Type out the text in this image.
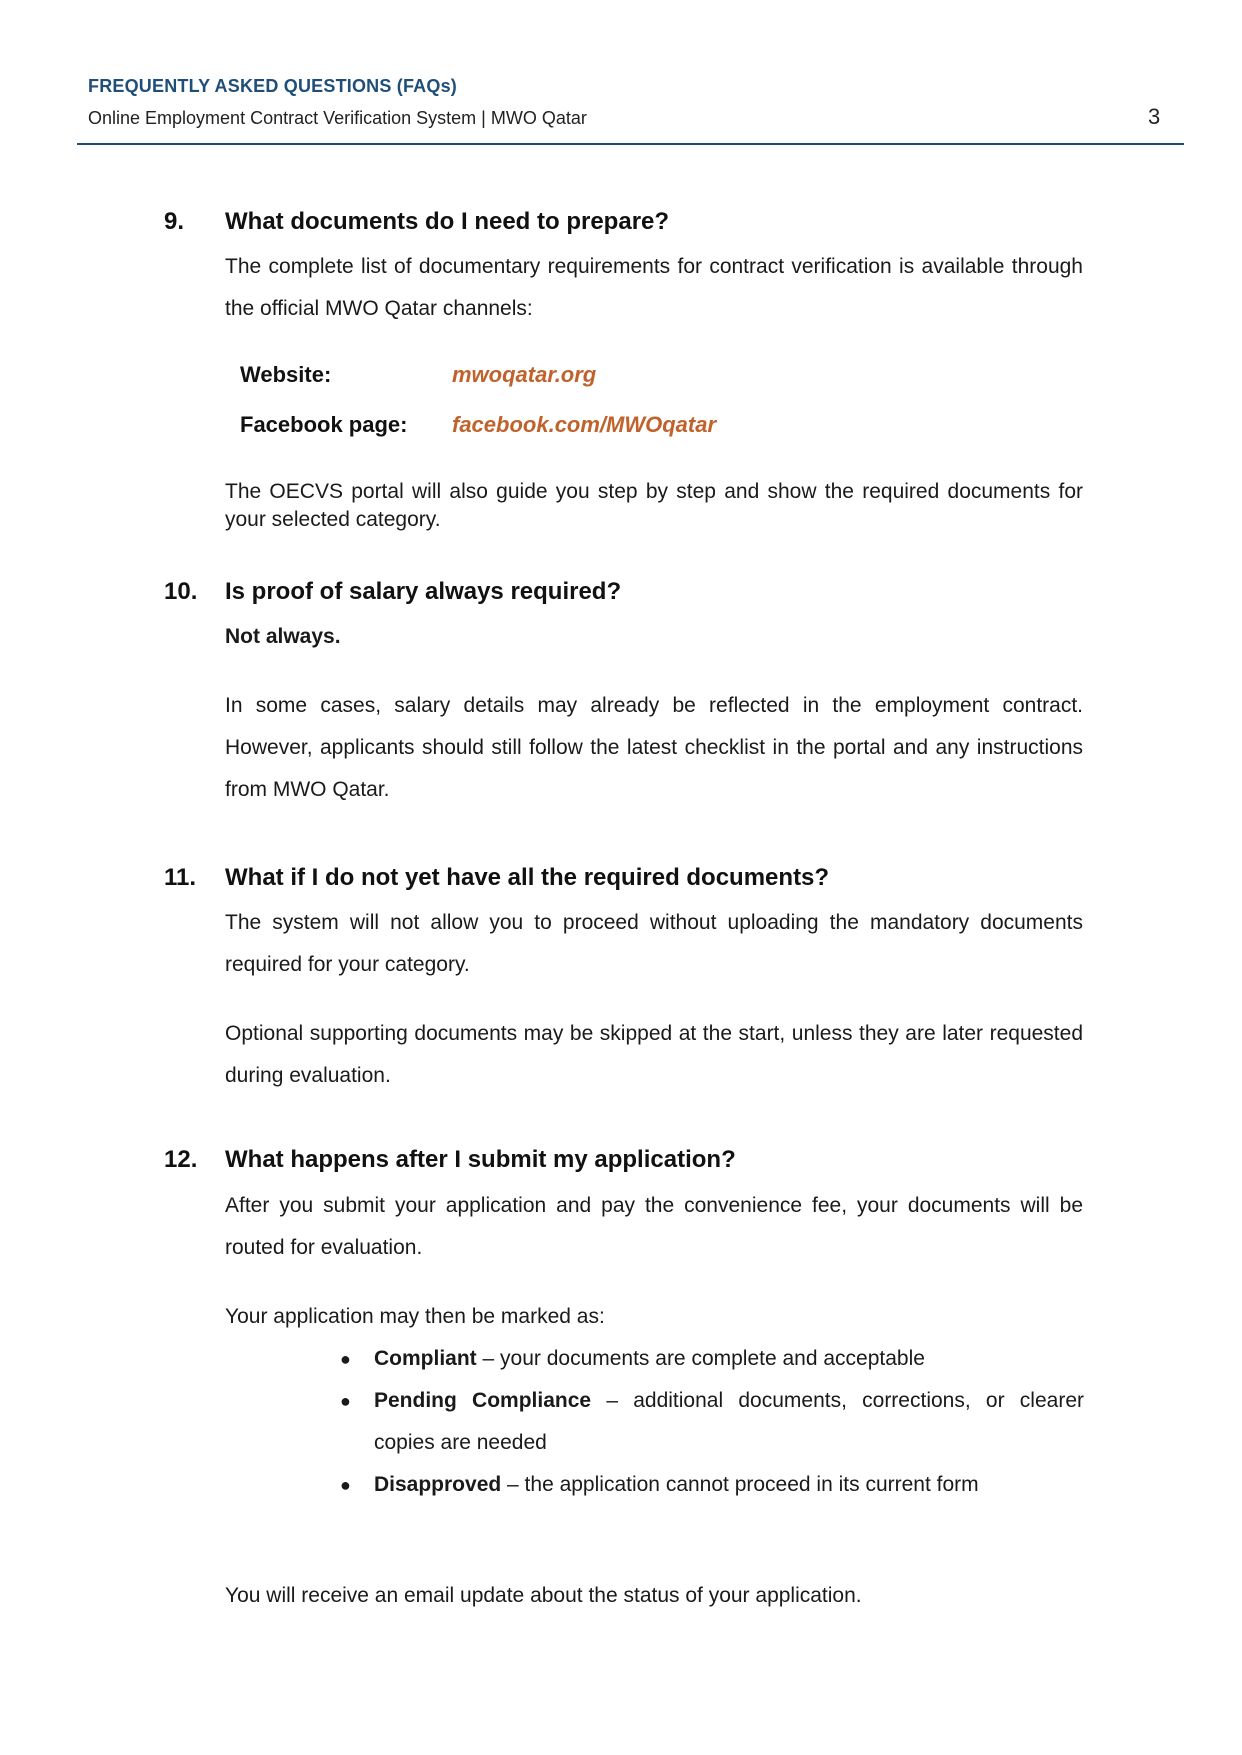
FREQUENTLY ASKED QUESTIONS (FAQs)
Online Employment Contract Verification System | MWO Qatar	3
9. What documents do I need to prepare?
The complete list of documentary requirements for contract verification is available through the official MWO Qatar channels:
Website:	mwoqatar.org
Facebook page: facebook.com/MWOqatar
The OECVS portal will also guide you step by step and show the required documents for your selected category.
10. Is proof of salary always required?
Not always.
In some cases, salary details may already be reflected in the employment contract. However, applicants should still follow the latest checklist in the portal and any instructions from MWO Qatar.
11. What if I do not yet have all the required documents?
The system will not allow you to proceed without uploading the mandatory documents required for your category.
Optional supporting documents may be skipped at the start, unless they are later requested during evaluation.
12. What happens after I submit my application?
After you submit your application and pay the convenience fee, your documents will be routed for evaluation.
Your application may then be marked as:
● Compliant – your documents are complete and acceptable
● Pending Compliance – additional documents, corrections, or clearer copies are needed
● Disapproved – the application cannot proceed in its current form
You will receive an email update about the status of your application.
